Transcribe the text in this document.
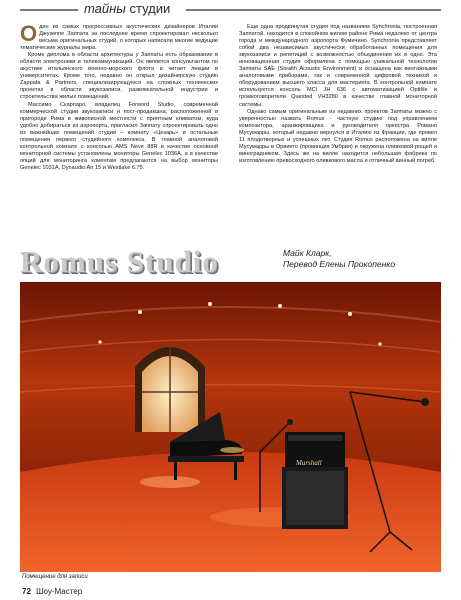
тайны студии

Один из самых прогрессивных акустических дизайнеров Италии Джузеппе Заппата за последнее время спроектировал несколько весьма оригинальных студий, о которых написали многие ведущие тематические журналы мира.

Кроме диплома в области архитектуры у Заппаты есть образование в области электроники и телекоммуникаций. Он является консультантом по акустике итальянского военно-морского флота и читает лекции в университетах. Кроме того, недавно он открыл дизайнерскую студию Zappata & Partners, специализирующуюся на сложных технических проектах в области звукозаписи, развлекательной индустрии и строительства жилых помещений.

Массимо Скарпаро, владелец Forword Studio, современной коммерческой студии звукозаписи и пост-продакшна, расположенной в пригороде Рима в живописной местности с приятным климатом, куда удобно добираться из аэропорта, пригласил Заппату спроектировать одно из важнейших помещений студии – комнату «Цезарь» и остальные помещения первого студийного комплекса. В главной аналоговой контрольной комнате с консолью AMS Neve 88R в качестве основной мониторной системы установлены мониторы Genelec 1036A, а в качестве опций для мониторинга клиентам предлагаются на выбор мониторы Genelec 1031A, Dynaudio Air 15 и Westlake 6.75.

Еще одна продвинутая студия под названием Synchronia, построенная Заппатой, находится в спокойном жилом районе Рима недалеко от центра города и международного аэропорта Фумичино. Synchronia представляет собой два независимых акустически обработанных помещения для звукозаписи и репетиций с возможностью объединения их в одно. Эта инновационная студия оформлена с помощью уникальной технологии Заппаты SAE (Stealth Acoustic Environment) и оснащена как винтажными аналоговыми приборами, так и современной цифровой техникой и оборудованием высшего класса для мастеринга. В контрольной комнате используется консоль MCI JH 636 с автоматизацией Optifile и громкоговорители Quested VH3280 в качестве главной мониторной системы.

Однако самым оригинальным из недавних проектов Заппаты можно с уверенностью назвать Romus - частную студию под управлением композитора, аранжировщика и руководителя оркестра Романо Мусумарры, который недавно вернулся в Италию из Франции, где провел 11 плодотворных и успешных лет. Студия Romus расположена на вилле Мусумарры в Орвието (провинция Умбрия) и окружена оливковой рощей и виноградником. Здесь же на вилле находится небольшая фабрика по изготовлению превосходного оливкового масла и отличный винный погреб.

Romus Studio	Майк Кларк,
Перевод Елены Прокопенко
Marshall
Помещение для записи
72 Шоу-Мастер
